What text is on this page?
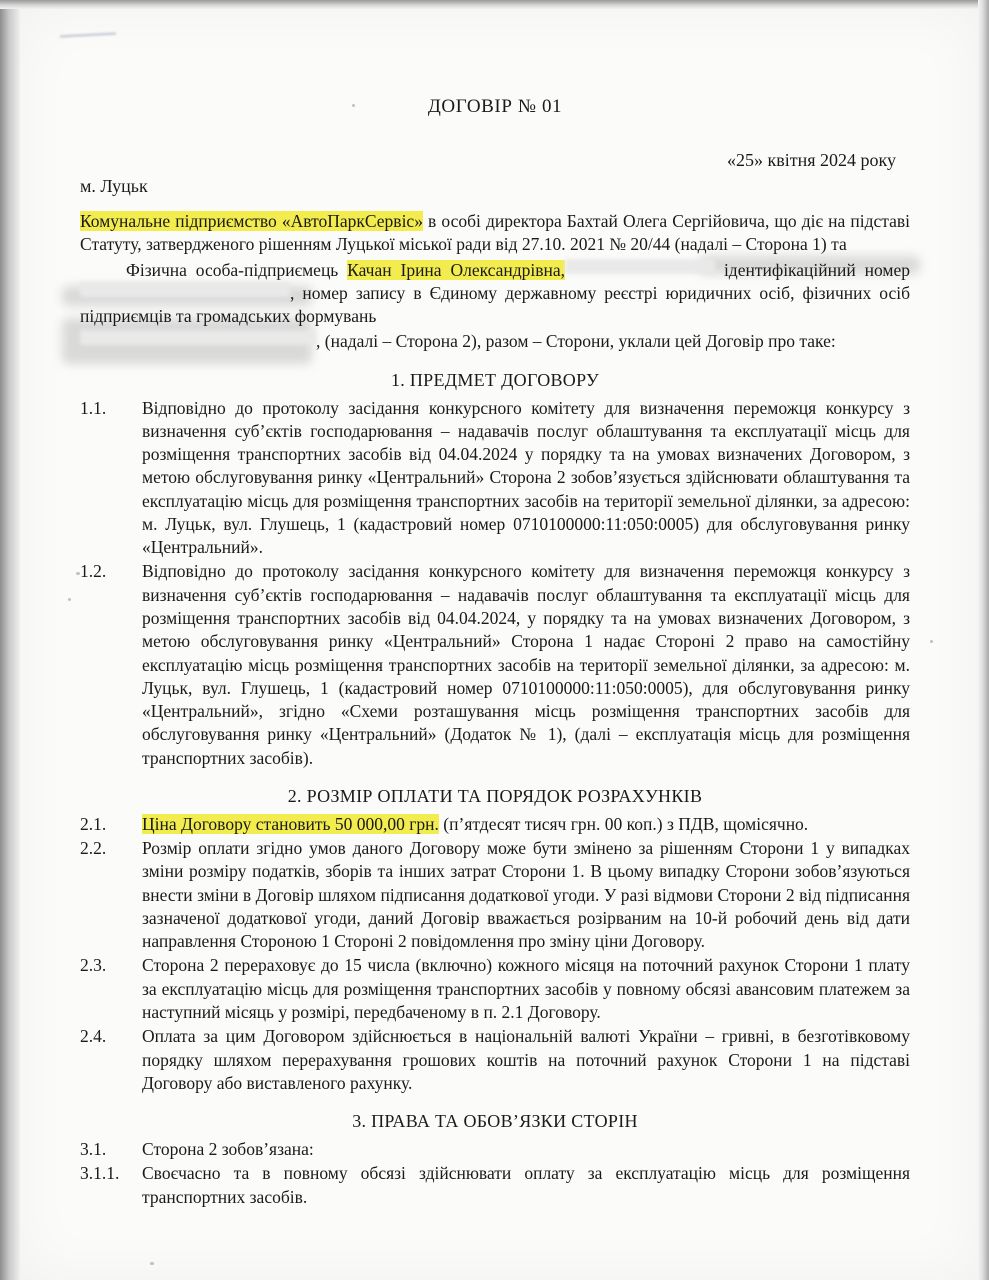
ДОГОВІР № 01
«25» квітня 2024 року
м. Луцьк

Комунальне підприємство «АвтоПаркСервіс» в особі директора Бахтай Олега Сергійовича, що діє на підставі Статуту, затвердженого рішенням Луцької міської ради від 27.10. 2021 № 20/44 (надалі – Сторона 1) та

Фізична особа-підприємець Качан Ірина Олександрівна,	ідентифікаційний номер , номер запису в Єдиному державному реєстрі юридичних осіб, фізичних осіб підприємців та громадських формувань

, (надалі – Сторона 2), разом – Сторони, уклали цей Договір про таке:

1. ПРЕДМЕТ ДОГОВОРУ
1.1.	Відповідно до протоколу засідання конкурсного комітету для визначення переможця конкурсу з визначення суб’єктів господарювання – надавачів послуг облаштування та експлуатації місць для розміщення транспортних засобів від 04.04.2024 у порядку та на умовах визначених Договором, з метою обслуговування ринку «Центральний» Сторона 2 зобов’язується здійснювати облаштування та експлуатацію місць для розміщення транспортних засобів на території земельної ділянки, за адресою: м. Луцьк, вул. Глушець, 1 (кадастровий номер 0710100000:11:050:0005) для обслуговування ринку «Центральний».
1.2.	Відповідно до протоколу засідання конкурсного комітету для визначення переможця конкурсу з визначення суб’єктів господарювання – надавачів послуг облаштування та експлуатації місць для розміщення транспортних засобів від 04.04.2024, у порядку та на умовах визначених Договором, з метою обслуговування ринку «Центральний» Сторона 1 надає Стороні 2 право на самостійну експлуатацію місць розміщення транспортних засобів на території земельної ділянки, за адресою: м. Луцьк, вул. Глушець, 1 (кадастровий номер 0710100000:11:050:0005), для обслуговування ринку «Центральний», згідно «Схеми розташування місць розміщення транспортних засобів для обслуговування ринку «Центральний» (Додаток № 1), (далі – експлуатація місць для розміщення транспортних засобів).
2. РОЗМІР ОПЛАТИ ТА ПОРЯДОК РОЗРАХУНКІВ
2.1.	Ціна Договору становить 50 000,00 грн. (п’ятдесят тисяч грн. 00 коп.) з ПДВ, щомісячно.
2.2.	Розмір оплати згідно умов даного Договору може бути змінено за рішенням Сторони 1 у випадках зміни розміру податків, зборів та інших затрат Сторони 1. В цьому випадку Сторони зобов’язуються внести зміни в Договір шляхом підписання додаткової угоди. У разі відмови Сторони 2 від підписання зазначеної додаткової угоди, даний Договір вважається розірваним на 10-й робочий день від дати направлення Стороною 1 Стороні 2 повідомлення про зміну ціни Договору.
2.3.	Сторона 2 перераховує до 15 числа (включно) кожного місяця на поточний рахунок Сторони 1 плату за експлуатацію місць для розміщення транспортних засобів у повному обсязі авансовим платежем за наступний місяць у розмірі, передбаченому в п. 2.1 Договору.
2.4.	Оплата за цим Договором здійснюється в національній валюті України – гривні, в безготівковому порядку шляхом перерахування грошових коштів на поточний рахунок Сторони 1 на підставі Договору або виставленого рахунку.
3. ПРАВА ТА ОБОВ’ЯЗКИ СТОРІН
3.1.	Сторона 2 зобов’язана:
3.1.1.	Своєчасно та в повному обсязі здійснювати оплату за експлуатацію місць для розміщення транспортних засобів.
